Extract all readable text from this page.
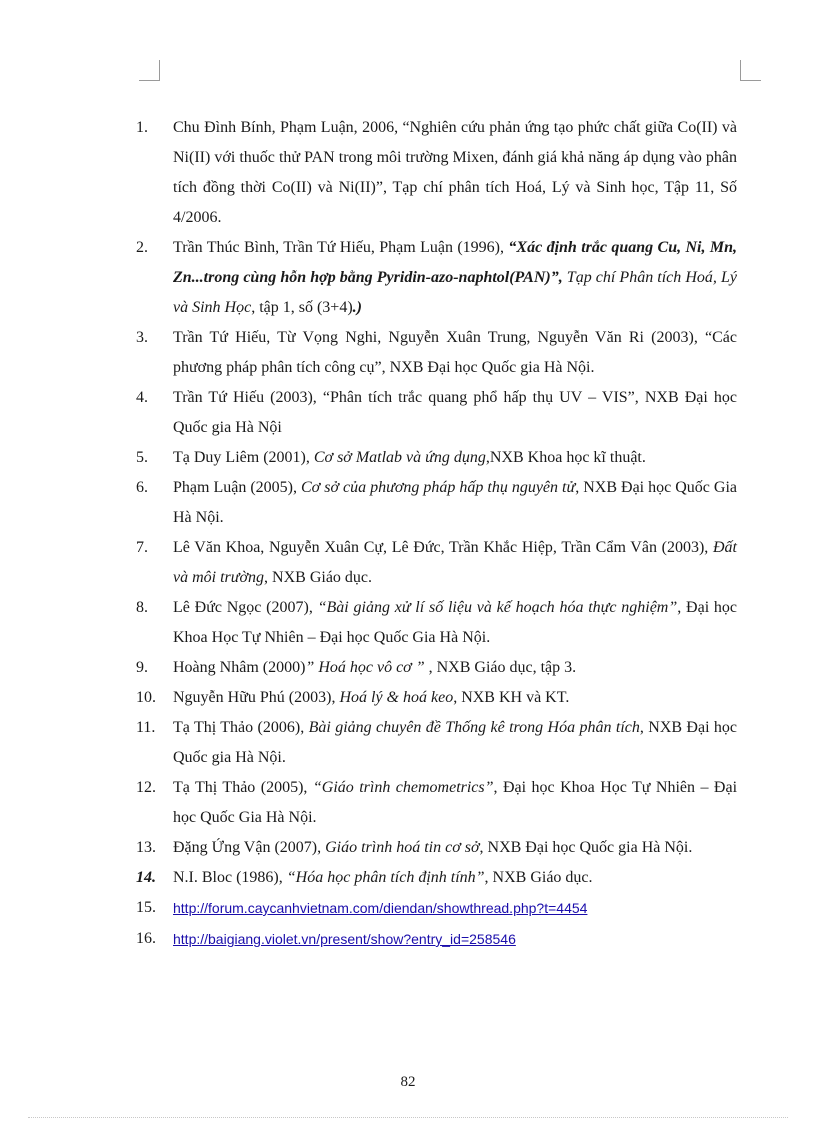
1. Chu Đình Bính, Phạm Luận, 2006, “Nghiên cứu phản ứng tạo phức chất giữa Co(II) và Ni(II) với thuốc thử PAN trong môi trường Mixen, đánh giá khả năng áp dụng vào phân tích đồng thời Co(II) và Ni(II)”, Tạp chí phân tích Hoá, Lý và Sinh học, Tập 11, Số 4/2006.
2. Trần Thúc Bình, Trần Tứ Hiếu, Phạm Luận (1996), “Xác định trắc quang Cu, Ni, Mn, Zn...trong cùng hỗn hợp bằng Pyridin-azo-naphtol(PAN)”, Tạp chí Phân tích Hoá, Lý và Sinh Học, tập 1, số (3+4).)
3. Trần Tứ Hiếu, Từ Vọng Nghi, Nguyễn Xuân Trung, Nguyễn Văn Ri (2003), “Các phương pháp phân tích công cụ”, NXB Đại học Quốc gia Hà Nội.
4. Trần Tứ Hiếu (2003), “Phân tích trắc quang phổ hấp thụ UV – VIS”, NXB Đại học Quốc gia Hà Nội
5. Tạ Duy Liêm (2001), Cơ sở Matlab và ứng dụng,NXB Khoa học kĩ thuật.
6. Phạm Luận (2005), Cơ sở của phương pháp hấp thụ nguyên tử, NXB Đại học Quốc Gia Hà Nội.
7. Lê Văn Khoa, Nguyễn Xuân Cự, Lê Đức, Trần Khắc Hiệp, Trần Cẩm Vân (2003), Đất và môi trường, NXB Giáo dục.
8. Lê Đức Ngọc (2007), “Bài giảng xử lí số liệu và kế hoạch hóa thực nghiệm”, Đại học Khoa Học Tự Nhiên – Đại học Quốc Gia Hà Nội.
9. Hoàng Nhâm (2000)” Hoá học vô cơ ” , NXB Giáo dục, tập 3.
10. Nguyễn Hữu Phú (2003), Hoá lý & hoá keo, NXB KH và KT.
11. Tạ Thị Thảo (2006), Bài giảng chuyên đề Thống kê trong Hóa phân tích, NXB Đại học Quốc gia Hà Nội.
12. Tạ Thị Thảo (2005), “Giáo trình chemometrics”, Đại học Khoa Học Tự Nhiên – Đại học Quốc Gia Hà Nội.
13. Đặng Ứng Vận (2007), Giáo trình hoá tin cơ sở, NXB Đại học Quốc gia Hà Nội.
14. N.I. Bloc (1986), “Hóa học phân tích định tính”, NXB Giáo dục.
15. http://forum.caycanhvietnam.com/diendan/showthread.php?t=4454
16. http://baigiang.violet.vn/present/show?entry_id=258546
82
